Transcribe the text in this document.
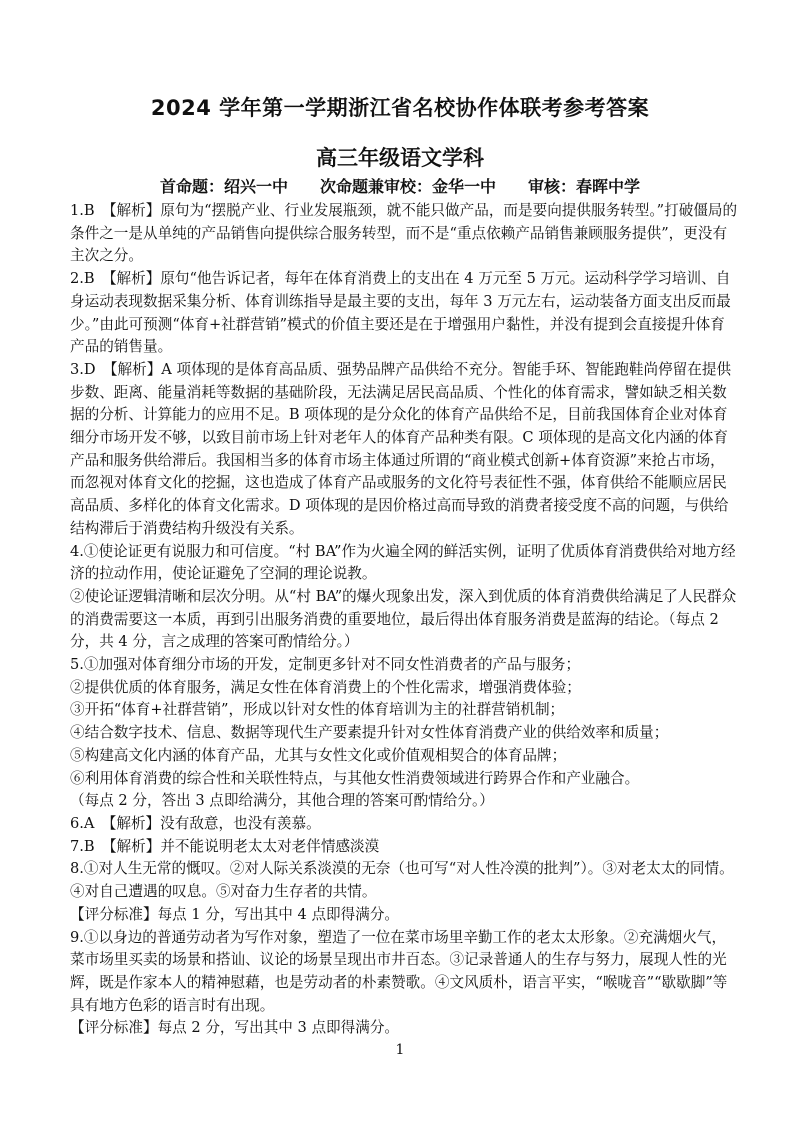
2024 学年第一学期浙江省名校协作体联考参考答案
高三年级语文学科
首命题：绍兴一中　　次命题兼审校：金华一中　　审核：春晖中学

1.B　【解析】原句为“摆脱产业、行业发展瓶颈，就不能只做产品，而是要向提供服务转型。”打破僵局的条件之一是从单纯的产品销售向提供综合服务转型，而不是“重点依赖产品销售兼顾服务提供”，更没有主次之分。

2.B　【解析】原句“他告诉记者，每年在体育消费上的支出在 4 万元至 5 万元。运动科学学习培训、自身运动表现数据采集分析、体育训练指导是最主要的支出，每年 3 万元左右，运动装备方面支出反而最少。”由此可预测“体育+社群营销”模式的价值主要还是在于增强用户黏性，并没有提到会直接提升体育产品的销售量。

3.D　【解析】A 项体现的是体育高品质、强势品牌产品供给不充分。智能手环、智能跑鞋尚停留在提供步数、距离、能量消耗等数据的基础阶段，无法满足居民高品质、个性化的体育需求，譬如缺乏相关数据的分析、计算能力的应用不足。B 项体现的是分众化的体育产品供给不足，目前我国体育企业对体育细分市场开发不够，以致目前市场上针对老年人的体育产品种类有限。C 项体现的是高文化内涵的体育产品和服务供给滞后。我国相当多的体育市场主体通过所谓的“商业模式创新+体育资源”来抢占市场，而忽视对体育文化的挖掘，这也造成了体育产品或服务的文化符号表征性不强，体育供给不能顺应居民高品质、多样化的体育文化需求。D 项体现的是因价格过高而导致的消费者接受度不高的问题，与供给结构滞后于消费结构升级没有关系。

4.①使论证更有说服力和可信度。“村 BA”作为火遍全网的鲜活实例，证明了优质体育消费供给对地方经济的拉动作用，使论证避免了空洞的理论说教。

②使论证逻辑清晰和层次分明。从“村 BA”的爆火现象出发，深入到优质的体育消费供给满足了人民群众的消费需要这一本质，再到引出服务消费的重要地位，最后得出体育服务消费是蓝海的结论。（每点 2 分，共 4 分，言之成理的答案可酌情给分。）

5.①加强对体育细分市场的开发，定制更多针对不同女性消费者的产品与服务；

②提供优质的体育服务，满足女性在体育消费上的个性化需求，增强消费体验；

③开拓“体育+社群营销”，形成以针对女性的体育培训为主的社群营销机制；

④结合数字技术、信息、数据等现代生产要素提升针对女性体育消费产业的供给效率和质量；

⑤构建高文化内涵的体育产品，尤其与女性文化或价值观相契合的体育品牌；

⑥利用体育消费的综合性和关联性特点，与其他女性消费领域进行跨界合作和产业融合。

（每点 2 分，答出 3 点即给满分，其他合理的答案可酌情给分。）

6.A　【解析】没有敌意，也没有羡慕。

7.B　【解析】并不能说明老太太对老伴情感淡漠

8.①对人生无常的慨叹。②对人际关系淡漠的无奈（也可写“对人性冷漠的批判”）。③对老太太的同情。④对自己遭遇的叹息。⑤对奋力生存者的共情。

【评分标准】每点 1 分，写出其中 4 点即得满分。

9.①以身边的普通劳动者为写作对象，塑造了一位在菜市场里辛勤工作的老太太形象。②充满烟火气，菜市场里买卖的场景和搭讪、议论的场景呈现出市井百态。③记录普通人的生存与努力，展现人性的光辉，既是作家本人的精神慰藉，也是劳动者的朴素赞歌。④文风质朴，语言平实，“喉咙音”“歇歇脚”等具有地方色彩的语言时有出现。

【评分标准】每点 2 分，写出其中 3 点即得满分。

1
